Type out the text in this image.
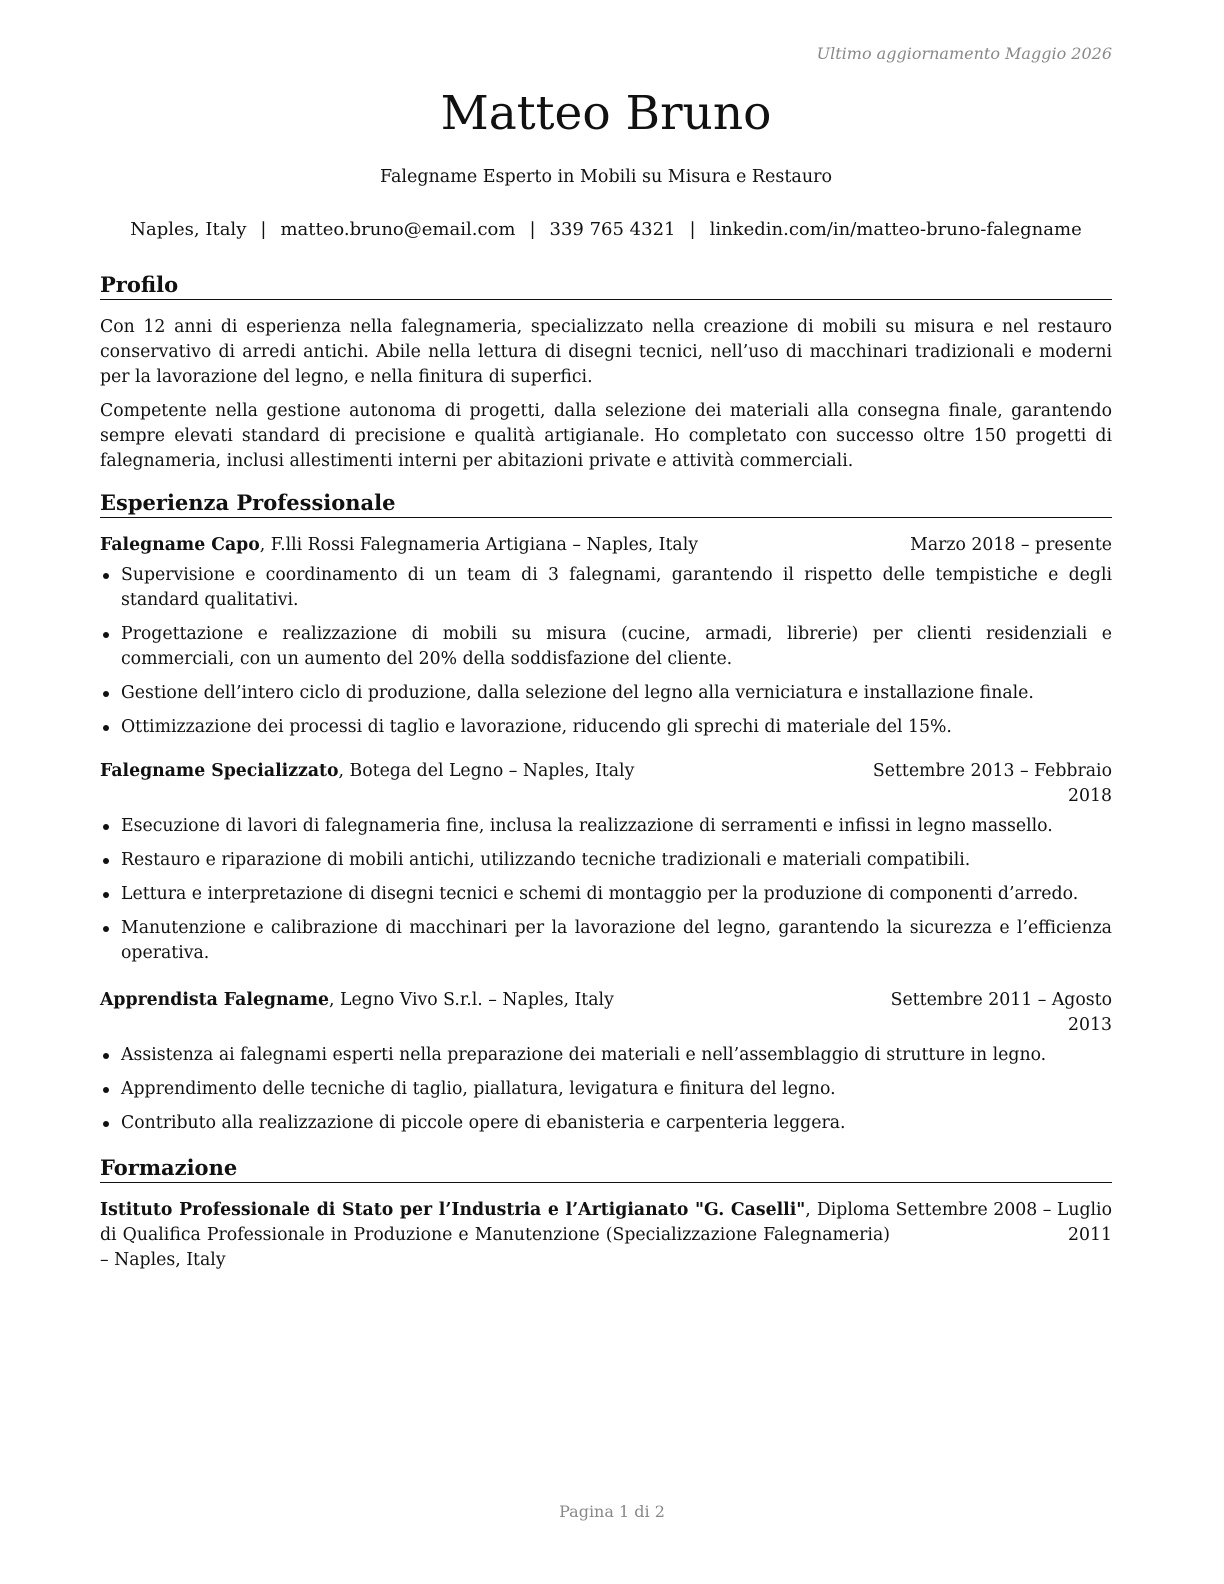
Ultimo aggiornamento Maggio 2026
Matteo Bruno
Falegname Esperto in Mobili su Misura e Restauro
Naples, Italy | matteo.bruno@email.com | 339 765 4321 | linkedin.com/in/matteo-bruno-falegname
Profilo

Con 12 anni di esperienza nella falegnameria, specializzato nella creazione di mobili su misura e nel restauro conservativo di arredi antichi. Abile nella lettura di disegni tecnici, nell’uso di macchinari tradizionali e moderni per la lavorazione del legno, e nella finitura di superfici.

Competente nella gestione autonoma di progetti, dalla selezione dei materiali alla consegna finale, garantendo sempre elevati standard di precisione e qualità artigianale. Ho completato con successo oltre 150 progetti di falegnameria, inclusi allestimenti interni per abitazioni private e attività commerciali.

Esperienza Professionale
Falegname Capo, F.lli Rossi Falegnameria Artigiana – Naples, Italy	Marzo 2018 – presente
Supervisione e coordinamento di un team di 3 falegnami, garantendo il rispetto delle tempistiche e degli standard qualitativi.
Progettazione e realizzazione di mobili su misura (cucine, armadi, librerie) per clienti residenziali e commerciali, con un aumento del 20% della soddisfazione del cliente.
Gestione dell’intero ciclo di produzione, dalla selezione del legno alla verniciatura e installazione finale.
Ottimizzazione dei processi di taglio e lavorazione, riducendo gli sprechi di materiale del 15%.
Falegname Specializzato, Botega del Legno – Naples, Italy	Settembre 2013 – Febbraio
2018
Esecuzione di lavori di falegnameria fine, inclusa la realizzazione di serramenti e infissi in legno massello.
Restauro e riparazione di mobili antichi, utilizzando tecniche tradizionali e materiali compatibili.
Lettura e interpretazione di disegni tecnici e schemi di montaggio per la produzione di componenti d’arredo.
Manutenzione e calibrazione di macchinari per la lavorazione del legno, garantendo la sicurezza e l’efficienza operativa.
Apprendista Falegname, Legno Vivo S.r.l. – Naples, Italy	Settembre 2011 – Agosto
2013
Assistenza ai falegnami esperti nella preparazione dei materiali e nell’assemblaggio di strutture in legno.
Apprendimento delle tecniche di taglio, piallatura, levigatura e finitura del legno.
Contributo alla realizzazione di piccole opere di ebanisteria e carpenteria leggera.
Formazione
Istituto Professionale di Stato per l’Industria e l’Artigianato "G. Caselli", Diploma di Qualifica Professionale in Produzione e Manutenzione (Specializzazione Falegnameria) – Naples, Italy
Settembre 2008 – Luglio
2011
Pagina 1 di 2
